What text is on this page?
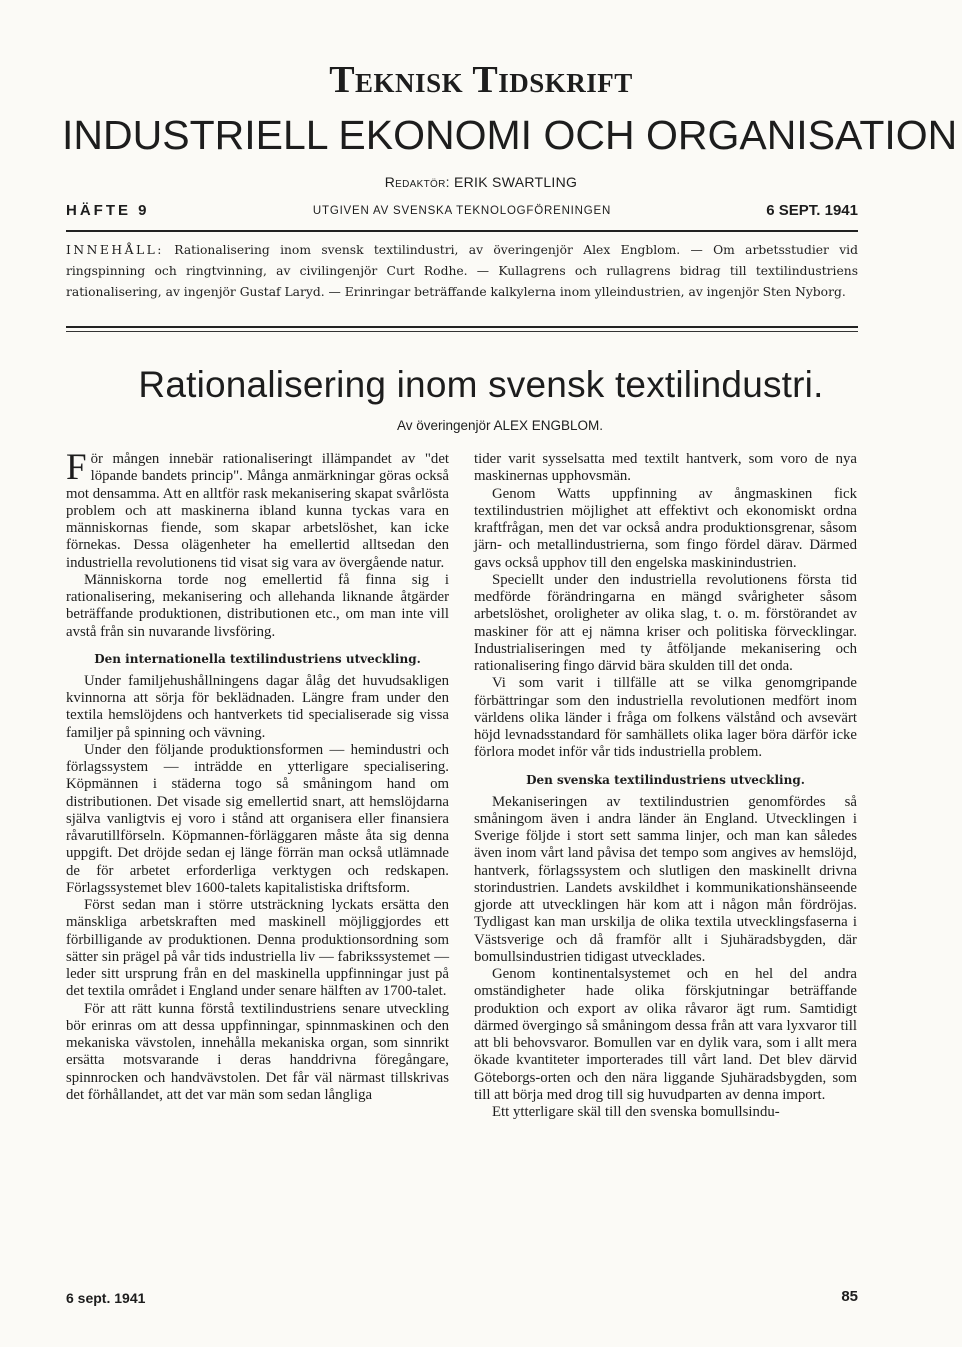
Teknisk Tidskrift
INDUSTRIELL EKONOMI OCH ORGANISATION
Redaktör: ERIK SWARTLING
HÄFTE 9	UTGIVEN AV SVENSKA TEKNOLOGFÖRENINGEN	6 SEPT. 1941
INNEHÅLL: Rationalisering inom svensk textilindustri, av överingenjör Alex Engblom. — Om arbetsstudier vid ringspinning och ringtvinning, av civilingenjör Curt Rodhe. — Kullagrens och rullagrens bidrag till textilindustriens rationalisering, av ingenjör Gustaf Laryd. — Erinringar beträffande kalkylerna inom ylleindustrien, av ingenjör Sten Nyborg.
Rationalisering inom svensk textilindustri.
Av överingenjör ALEX ENGBLOM.

För mången innebär rationaliseringt illämpandet av "det löpande bandets princip". Många anmärkningar göras också mot densamma. Att en alltför rask mekanisering skapat svårlösta problem och att maskinerna ibland kunna tyckas vara en människornas fiende, som skapar arbetslöshet, kan icke förnekas. Dessa olägenheter ha emellertid alltsedan den industriella revolutionens tid visat sig vara av övergående natur.

Människorna torde nog emellertid få finna sig i rationalisering, mekanisering och allehanda liknande åtgärder beträffande produktionen, distributionen etc., om man inte vill avstå från sin nuvarande livsföring.

Den internationella textilindustriens utveckling.

Under familjehushållningens dagar ålåg det huvudsakligen kvinnorna att sörja för beklädnaden. Längre fram under den textila hemslöjdens och hantverkets tid specialiserade sig vissa familjer på spinning och vävning.

Under den följande produktionsformen — hemindustri och förlagssystem — inträdde en ytterligare specialisering. Köpmännen i städerna togo så småningom hand om distributionen. Det visade sig emellertid snart, att hemslöjdarna själva vanligtvis ej voro i stånd att organisera eller finansiera råvarutillförseln. Köpmannen-förläggaren måste åta sig denna uppgift. Det dröjde sedan ej länge förrän man också utlämnade de för arbetet erforderliga verktygen och redskapen. Förlagssystemet blev 1600-talets kapitalistiska driftsform.

Först sedan man i större utsträckning lyckats ersätta den mänskliga arbetskraften med maskinell möjliggjordes ett förbilligande av produktionen. Denna produktionsordning som sätter sin prägel på vår tids industriella liv — fabrikssystemet — leder sitt ursprung från en del maskinella uppfinningar just på det textila området i England under senare hälften av 1700-talet.

För att rätt kunna förstå textilindustriens senare utveckling bör erinras om att dessa uppfinningar, spinnmaskinen och den mekaniska vävstolen, innehålla mekaniska organ, som sinnrikt ersätta motsvarande i deras handdrivna föregångare, spinnrocken och handvävstolen. Det får väl närmast tillskrivas det förhållandet, att det var män som sedan långliga

tider varit sysselsatta med textilt hantverk, som voro de nya maskinernas upphovsmän.

Genom Watts uppfinning av ångmaskinen fick textilindustrien möjlighet att effektivt och ekonomiskt ordna kraftfrågan, men det var också andra produktionsgrenar, såsom järn- och metallindustrierna, som fingo fördel därav. Därmed gavs också upphov till den engelska maskinindustrien.

Speciellt under den industriella revolutionens första tid medförde förändringarna en mängd svårigheter såsom arbetslöshet, oroligheter av olika slag, t. o. m. förstörandet av maskiner för att ej nämna kriser och politiska förvecklingar. Industrialiseringen med ty åtföljande mekanisering och rationalisering fingo därvid bära skulden till det onda.

Vi som varit i tillfälle att se vilka genomgripande förbättringar som den industriella revolutionen medfört inom världens olika länder i fråga om folkens välstånd och avsevärt höjd levnadsstandard för samhällets olika lager böra därför icke förlora modet inför vår tids industriella problem.

Den svenska textilindustriens utveckling.

Mekaniseringen av textilindustrien genomfördes så småningom även i andra länder än England. Utvecklingen i Sverige följde i stort sett samma linjer, och man kan således även inom vårt land påvisa det tempo som angives av hemslöjd, hantverk, förlagssystem och slutligen den maskinellt drivna storindustrien. Landets avskildhet i kommunikationshänseende gjorde att utvecklingen här kom att i någon mån fördröjas. Tydligast kan man urskilja de olika textila utvecklingsfaserna i Västsverige och då framför allt i Sjuhäradsbygden, där bomullsindustrien tidigast utvecklades.

Genom kontinentalsystemet och en hel del andra omständigheter hade olika förskjutningar beträffande produktion och export av olika råvaror ägt rum. Samtidigt därmed övergingo så småningom dessa från att vara lyxvaror till att bli behovsvaror. Bomullen var en dylik vara, som i allt mera ökade kvantiteter importerades till vårt land. Det blev därvid Göteborgs-orten och den nära liggande Sjuhäradsbygden, som till att börja med drog till sig huvudparten av denna import.

Ett ytterligare skäl till den svenska bomullsindu-

6 sept. 1941	85
